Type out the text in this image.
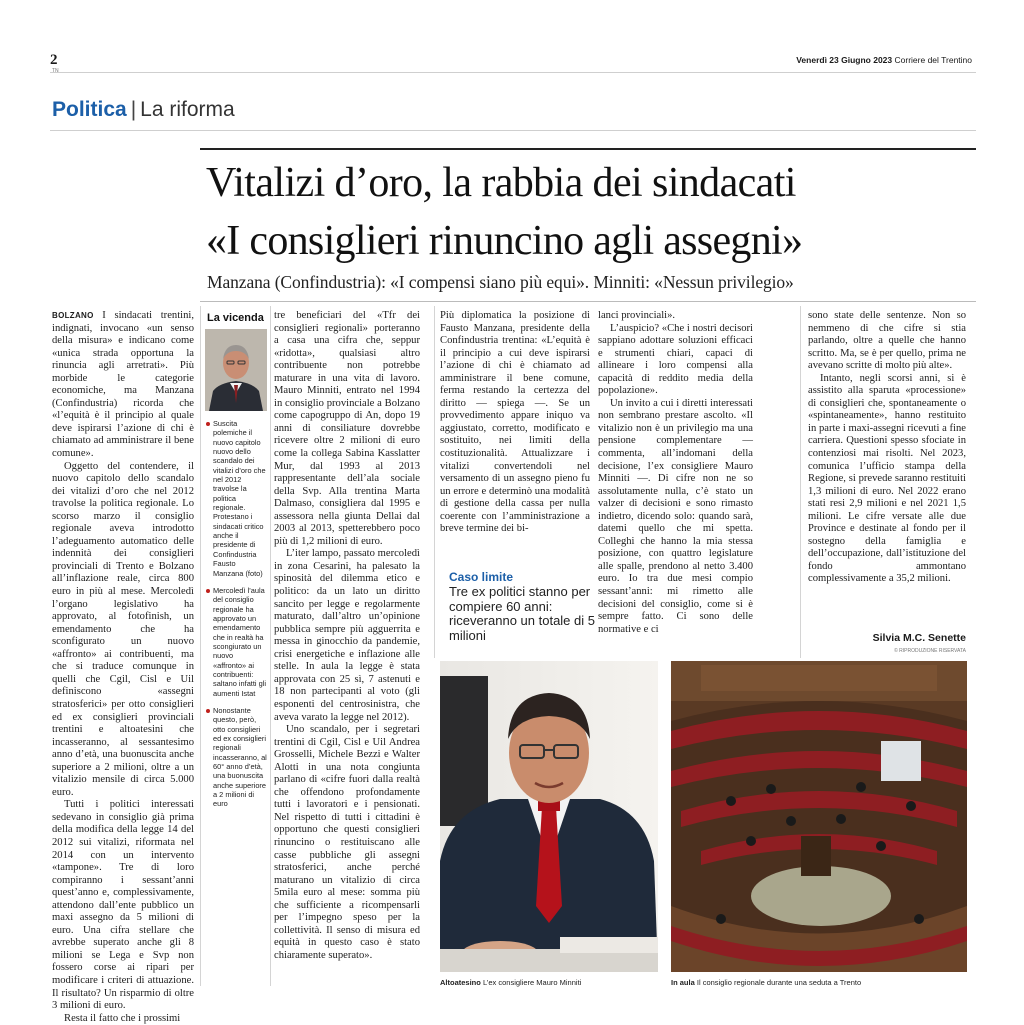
2
TN
Venerdì 23 Giugno 2023 Corriere del Trentino
Politica | La riforma
Vitalizi d’oro, la rabbia dei sindacati
«I consiglieri rinuncino agli assegni»
Manzana (Confindustria): «I compensi siano più equi». Minniti: «Nessun privilegio»

BOLZANO I sindacati trentini, indignati, invocano «un senso della misura» e indicano come «unica strada opportuna la rinuncia agli arretrati». Più morbide le categorie economiche, ma Manzana (Confindustria) ricorda che «l’equità è il principio al quale deve ispirarsi l’azione di chi è chiamato ad amministrare il bene comune».

Oggetto del contendere, il nuovo capitolo dello scandalo dei vitalizi d’oro che nel 2012 travolse la politica regionale. Lo scorso marzo il consiglio regionale aveva introdotto l’adeguamento automatico delle indennità dei consiglieri provinciali di Trento e Bolzano all’inflazione reale, circa 800 euro in più al mese. Mercoledì l’organo legislativo ha approvato, al fotofinish, un emendamento che ha sconfigurato un nuovo «affronto» ai contribuenti, ma che si traduce comunque in quelli che Cgil, Cisl e Uil definiscono «assegni stratosferici» per otto consiglieri ed ex consiglieri provinciali trentini e altoatesini che incasseranno, al sessantesimo anno d’età, una buonuscita anche superiore a 2 milioni, oltre a un vitalizio mensile di circa 5.000 euro.

Tutti i politici interessati sedevano in consiglio già prima della modifica della legge 14 del 2012 sui vitalizi, riformata nel 2014 con un intervento «tampone». Tre di loro compiranno i sessant’anni quest’anno e, complessivamente, attendono dall’ente pubblico un maxi assegno da 5 milioni di euro. Una cifra stellare che avrebbe superato anche gli 8 milioni se Lega e Svp non fossero corse ai ripari per modificare i criteri di attuazione. Il risultato? Un risparmio di oltre 3 milioni di euro.

Resta il fatto che i prossimi

La vicenda
Suscita polemiche il nuovo capitolo nuovo dello scandalo dei vitalizi d’oro che nel 2012 travolse la politica regionale. Protestano i sindacati critico anche il presidente di Confindustria Fausto Manzana (foto)
Mercoledì l’aula del consiglio regionale ha approvato un emendamento che in realtà ha scongiurato un nuovo «affronto» ai contribuenti: saltano infatti gli aumenti Istat
Nonostante questo, però, otto consiglieri ed ex consiglieri regionali incasseranno, al 60° anno d’età, una buonuscita anche superiore a 2 milioni di euro

tre beneficiari del «Tfr dei consiglieri regionali» porteranno a casa una cifra che, seppur «ridotta», qualsiasi altro contribuente non potrebbe maturare in una vita di lavoro. Mauro Minniti, entrato nel 1994 in consiglio provinciale a Bolzano come capogruppo di An, dopo 19 anni di consiliature dovrebbe ricevere oltre 2 milioni di euro come la collega Sabina Kasslatter Mur, dal 1993 al 2013 rappresentante dell’ala sociale della Svp. Alla trentina Marta Dalmaso, consigliera dal 1995 e assessora nella giunta Dellai dal 2003 al 2013, spetterebbero poco più di 1,2 milioni di euro.

L’iter lampo, passato mercoledì in zona Cesarini, ha palesato la spinosità del dilemma etico e politico: da un lato un diritto sancito per legge e regolarmente maturato, dall’altro un’opinione pubblica sempre più agguerrita e messa in ginocchio da pandemie, crisi energetiche e inflazione alle stelle. In aula la legge è stata approvata con 25 sì, 7 astenuti e 18 non partecipanti al voto (gli esponenti del centrosinistra, che aveva varato la legge nel 2012).

Uno scandalo, per i segretari trentini di Cgil, Cisl e Uil Andrea Grosselli, Michele Bezzi e Walter Alotti in una nota congiunta parlano di «cifre fuori dalla realtà che offendono profondamente tutti i lavoratori e i pensionati. Nel rispetto di tutti i cittadini è opportuno che questi consiglieri rinuncino o restituiscano alle casse pubbliche gli assegni stratosferici, anche perché maturano un vitalizio di circa 5mila euro al mese: somma più che sufficiente a ricompensarli per l’impegno speso per la collettività. Il senso di misura ed equità in questo caso è stato chiaramente superato».

Più diplomatica la posizione di Fausto Manzana, presidente della Confindustria trentina: «L’equità è il principio a cui deve ispirarsi l’azione di chi è chiamato ad amministrare il bene comune, ferma restando la certezza del diritto — spiega —. Se un provvedimento appare iniquo va aggiustato, corretto, modificato e sostituito, nei limiti della costituzionalità. Attualizzare i vitalizi convertendoli nel versamento di un assegno pieno fu un errore e determinò una modalità di gestione della cassa per nulla coerente con l’amministrazione a breve termine dei bi-

Caso limite
Tre ex politici stanno per compiere 60 anni: riceveranno un totale di 5 milioni

lanci provinciali».

L’auspicio? «Che i nostri decisori sappiano adottare soluzioni efficaci e strumenti chiari, capaci di allineare i loro compensi alla capacità di reddito media della popolazione».

Un invito a cui i diretti interessati non sembrano prestare ascolto. «Il vitalizio non è un privilegio ma una pensione complementare — commenta, all’indomani della decisione, l’ex consigliere Mauro Minniti —. Di cifre non ne so assolutamente nulla, c’è stato un valzer di decisioni e sono rimasto indietro, dicendo solo: quando sarà, datemi quello che mi spetta. Colleghi che hanno la mia stessa posizione, con quattro legislature alle spalle, prendono al netto 3.400 euro. Io tra due mesi compio sessant’anni: mi rimetto alle decisioni del consiglio, come si è sempre fatto. Ci sono delle normative e ci

sono state delle sentenze. Non so nemmeno di che cifre si stia parlando, oltre a quelle che hanno scritto. Ma, se è per quello, prima ne avevano scritte di molto più alte».

Intanto, negli scorsi anni, si è assistito alla sparuta «processione» di consiglieri che, spontaneamente o «spintaneamente», hanno restituito in parte i maxi-assegni ricevuti a fine carriera. Questioni spesso sfociate in contenziosi mai risolti. Nel 2023, comunica l’ufficio stampa della Regione, si prevede saranno restituiti 1,3 milioni di euro. Nel 2022 erano stati resi 2,9 milioni e nel 2021 1,5 milioni. Le cifre versate alle due Province e destinate al fondo per il sostegno della famiglia e dell’occupazione, dall’istituzione del fondo ammontano complessivamente a 35,2 milioni.

Silvia M.C. Senette
© RIPRODUZIONE RISERVATA
Altoatesino L’ex consigliere Mauro Minniti	In aula Il consiglio regionale durante una seduta a Trento
